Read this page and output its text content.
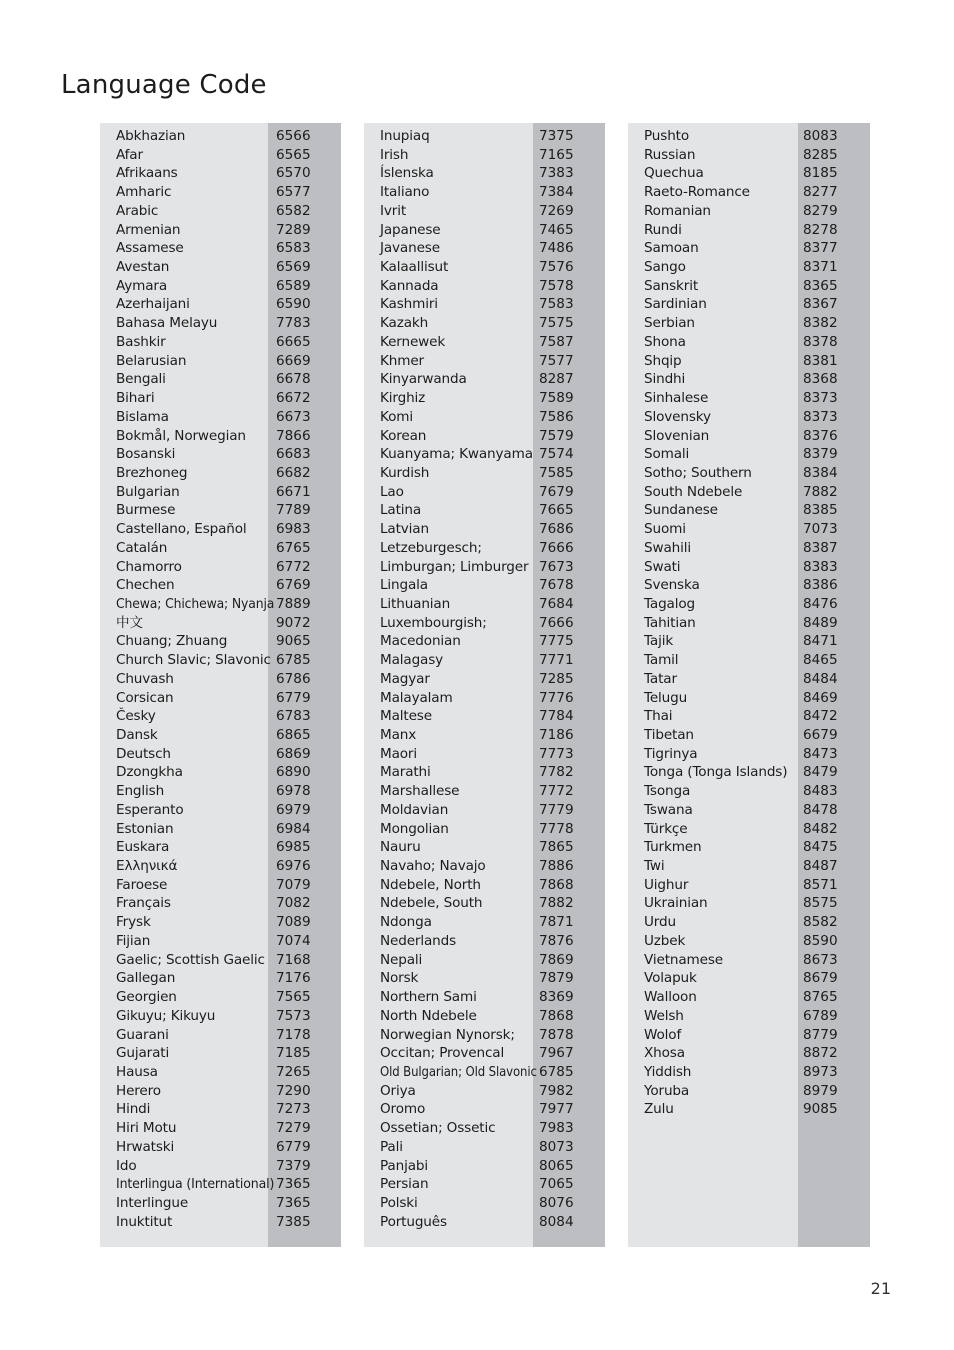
Language Code
Abkhazian	6566
Afar	6565
Afrikaans	6570
Amharic	6577
Arabic	6582
Armenian	7289
Assamese	6583
Avestan	6569
Aymara	6589
Azerhaijani	6590
Bahasa Melayu	7783
Bashkir	6665
Belarusian	6669
Bengali	6678
Bihari	6672
Bislama	6673
Bokmål, Norwegian 7866
Bosanski	6683
Brezhoneg	6682
Bulgarian	6671
Burmese	7789
Castellano, Español 6983
Catalán	6765
Chamorro	6772
Chechen	6769
Chewa; Chichewa; Nyanja 7889
中文	9072
Chuang; Zhuang	9065
Church Slavic; Slavonic 6785
Chuvash	6786
Corsican	6779
Česky	6783
Dansk	6865
Deutsch	6869
Dzongkha	6890
English	6978
Esperanto	6979
Estonian	6984
Euskara	6985
Ελληνικά	6976
Faroese	7079
Français	7082
Frysk	7089
Fijian	7074
Gaelic; Scottish Gaelic 7168
Gallegan	7176
Georgien	7565
Gikuyu; Kikuyu	7573
Guarani	7178
Gujarati	7185
Hausa	7265
Herero	7290
Hindi	7273
Hiri Motu	7279
Hrwatski	6779
Ido	7379
Interlingua (International) 7365
Interlingue	7365
Inuktitut	7385
Inupiaq	7375
Irish	7165
Íslenska	7383
Italiano	7384
Ivrit	7269
Japanese	7465
Javanese	7486
Kalaallisut	7576
Kannada	7578
Kashmiri	7583
Kazakh	7575
Kernewek	7587
Khmer	7577
Kinyarwanda	8287
Kirghiz	7589
Komi	7586
Korean	7579
Kuanyama; Kwanyama 7574
Kurdish	7585
Lao	7679
Latina	7665
Latvian	7686
Letzeburgesch;	7666
Limburgan; Limburger 7673
Lingala	7678
Lithuanian	7684
Luxembourgish;	7666
Macedonian	7775
Malagasy	7771
Magyar	7285
Malayalam	7776
Maltese	7784
Manx	7186
Maori	7773
Marathi	7782
Marshallese	7772
Moldavian	7779
Mongolian	7778
Nauru	7865
Navaho; Navajo	7886
Ndebele, North	7868
Ndebele, South	7882
Ndonga	7871
Nederlands	7876
Nepali	7869
Norsk	7879
Northern Sami	8369
North Ndebele	7868
Norwegian Nynorsk; 7878
Occitan; Provencal	7967
Old Bulgarian; Old Slavonic 6785
Oriya	7982
Oromo	7977
Ossetian; Ossetic	7983
Pali	8073
Panjabi	8065
Persian	7065
Polski	8076
Português	8084
Pushto	8083
Russian	8285
Quechua	8185
Raeto-Romance	8277
Romanian	8279
Rundi	8278
Samoan	8377
Sango	8371
Sanskrit	8365
Sardinian	8367
Serbian	8382
Shona	8378
Shqip	8381
Sindhi	8368
Sinhalese	8373
Slovensky	8373
Slovenian	8376
Somali	8379
Sotho; Southern	8384
South Ndebele	7882
Sundanese	8385
Suomi	7073
Swahili	8387
Swati	8383
Svenska	8386
Tagalog	8476
Tahitian	8489
Tajik	8471
Tamil	8465
Tatar	8484
Telugu	8469
Thai	8472
Tibetan	6679
Tigrinya	8473
Tonga (Tonga Islands) 8479
Tsonga	8483
Tswana	8478
Türkçe	8482
Turkmen	8475
Twi	8487
Uighur	8571
Ukrainian	8575
Urdu	8582
Uzbek	8590
Vietnamese	8673
Volapuk	8679
Walloon	8765
Welsh	6789
Wolof	8779
Xhosa	8872
Yiddish	8973
Yoruba	8979
Zulu	9085
21
